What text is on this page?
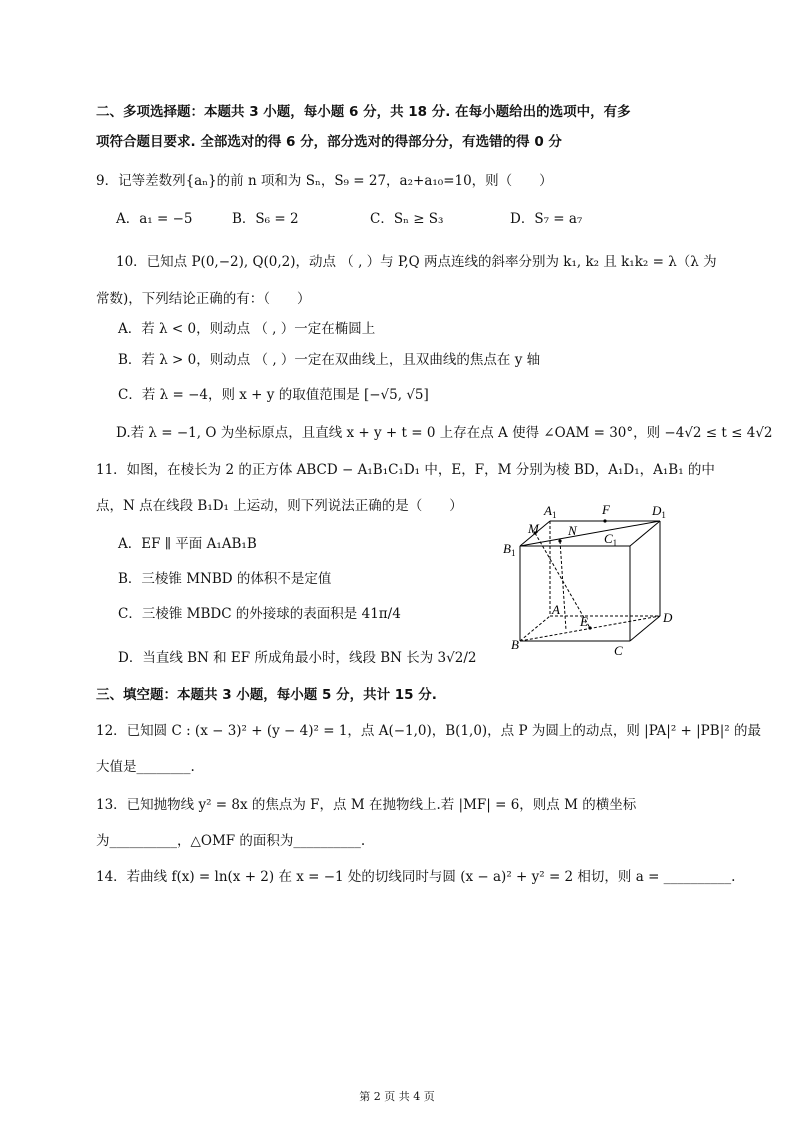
二、多项选择题：本题共 3 小题，每小题 6 分，共 18 分. 在每小题给出的选项中，有多
项符合题目要求. 全部选对的得 6 分，部分选对的得部分分，有选错的得 0 分
9．记等差数列{aₙ}的前 n 项和为 Sₙ，S₉ = 27，a₂+a₁₀=10，则（　　）
A．a₁ = −5	B．S₆ = 2	C．Sₙ ≥ S₃	D．S₇ = a₇
10．已知点 P(0,−2), Q(0,2)，动点 （ , ）与 P,Q 两点连线的斜率分别为 k₁, k₂ 且 k₁k₂ = λ（λ 为
常数)，下列结论正确的有：（　　）
A．若 λ < 0，则动点 （ , ）一定在椭圆上
B．若 λ > 0，则动点 （ , ）一定在双曲线上，且双曲线的焦点在 y 轴
C．若 λ = −4，则 x + y 的取值范围是 [−√5, √5]
D.若 λ = −1, O 为坐标原点，且直线 x + y + t = 0 上存在点 A 使得 ∠OAM = 30°，则 −4√2 ≤ t ≤ 4√2
11．如图，在棱长为 2 的正方体 ABCD − A₁B₁C₁D₁ 中，E，F，M 分别为棱 BD，A₁D₁，A₁B₁ 的中
点，N 点在线段 B₁D₁ 上运动，则下列说法正确的是（　　）
A．EF ∥ 平面 A₁AB₁B
B．三棱锥 MNBD 的体积不是定值
C．三棱锥 MBDC 的外接球的表面积是 41π/4
D．当直线 BN 和 EF 所成角最小时，线段 BN 长为 3√2/2
$B_1$
$A_1$	F	$D_1$
M N
$C_1$
A
E	D
B	C
三、填空题：本题共 3 小题，每小题 5 分，共计 15 分.
12．已知圆 C : (x − 3)² + (y − 4)² = 1，点 A(−1,0)，B(1,0)，点 P 为圆上的动点，则 |PA|² + |PB|² 的最
大值是________.
13．已知抛物线 y² = 8x 的焦点为 F，点 M 在抛物线上.若 |MF| = 6，则点 M 的横坐标
为__________，△OMF 的面积为__________.
14．若曲线 f(x) = ln(x + 2) 在 x = −1 处的切线同时与圆 (x − a)² + y² = 2 相切，则 a = __________.
第 2 页 共 4 页
